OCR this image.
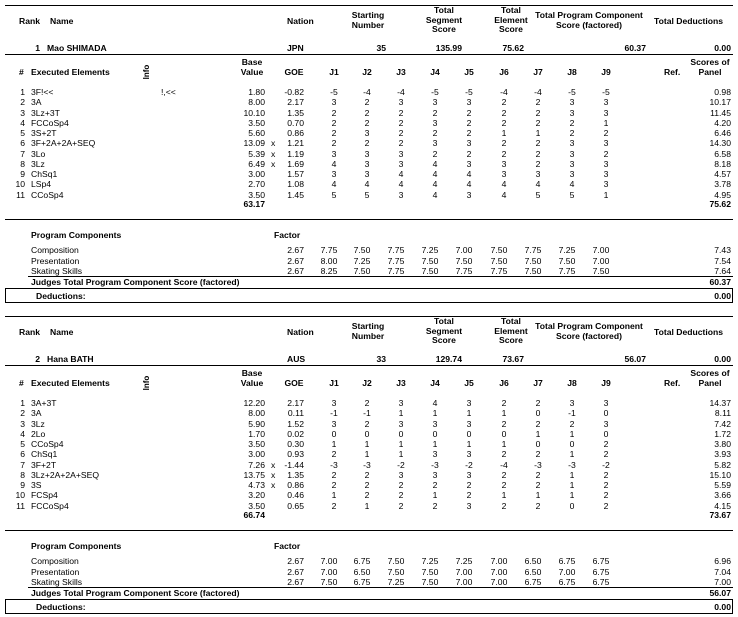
Rank Name	Nation
Starting
Number
Total
Segment
Score
Total
Element
Score
Total Program Component
Score (factored)	Total Deductions
1 Mao SHIMADA	JPN	35	135.99	75.62	60.37	0.00
# Executed Elements	Info
Base
Value	GOE	J1	J2	J3	J4	J5	J6	J7	J8	J9	Ref.
Scores of
Panel
1 3F!<<	!,<<	1.80	-0.82	-5	-4	-4	-5	-5	-4	-4	-5	-5	0.98
2 3A	8.00	2.17	3	2	3	3	3	2	2	3	3	10.17
3 3Lz+3T	10.10	1.35	2	2	2	2	2	2	2	3	3	11.45
4 FCCoSp4	3.50	0.70	2	2	2	3	2	2	2	2	1	4.20
5 3S+2T	5.60	0.86	2	3	2	2	2	1	1	2	2	6.46
6 3F+2A+2A+SEQ	13.09 x	1.21	2	2	2	3	3	2	2	3	3	14.30
7 3Lo	5.39 x	1.19	3	3	3	2	2	2	2	3	2	6.58
8 3Lz	6.49 x	1.69	4	3	3	4	3	3	2	3	3	8.18
9 ChSq1	3.00	1.57	3	3	4	4	4	3	3	3	3	4.57
10 LSp4	2.70	1.08	4	4	4	4	4	4	4	4	3	3.78
11 CCoSp4	3.50	1.45	5	5	3	4	3	4	5	5	1	4.95
63.17	75.62
Program Components	Factor
Composition	2.67	7.75	7.50	7.75	7.25	7.00	7.50	7.75	7.25	7.00	7.43
Presentation	2.67	8.00	7.25	7.75	7.50	7.50	7.50	7.50	7.50	7.00	7.54
Skating Skills	2.67	8.25	7.50	7.75	7.50	7.75	7.75	7.50	7.75	7.50	7.64
Judges Total Program Component Score (factored)	60.37
Deductions:	0.00
Rank Name	Nation
Starting
Number
Total
Segment
Score
Total
Element
Score
Total Program Component
Score (factored)	Total Deductions
2 Hana BATH	AUS	33	129.74	73.67	56.07	0.00
# Executed Elements	Info
Base
Value	GOE	J1	J2	J3	J4	J5	J6	J7	J8	J9	Ref.
Scores of
Panel
1 3A+3T	12.20	2.17	3	2	3	4	3	2	2	3	3	14.37
2 3A	8.00	0.11	-1	-1	1	1	1	1	0	-1	0	8.11
3 3Lz	5.90	1.52	3	2	3	3	3	2	2	2	3	7.42
4 2Lo	1.70	0.02	0	0	0	0	0	0	1	1	0	1.72
5 CCoSp4	3.50	0.30	1	1	1	1	1	1	0	0	2	3.80
6 ChSq1	3.00	0.93	2	1	1	3	3	2	2	1	2	3.93
7 3F+2T	7.26 x	-1.44	-3	-3	-2	-3	-2	-4	-3	-3	-2	5.82
8 3Lz+2A+2A+SEQ	13.75 x	1.35	2	2	3	3	3	2	2	1	2	15.10
9 3S	4.73 x	0.86	2	2	2	2	2	2	2	1	2	5.59
10 FCSp4	3.20	0.46	1	2	2	1	2	1	1	1	2	3.66
11 FCCoSp4	3.50	0.65	2	1	2	2	3	2	2	0	2	4.15
66.74	73.67
Program Components	Factor
Composition	2.67	7.00	6.75	7.50	7.25	7.25	7.00	6.50	6.75	6.75	6.96
Presentation	2.67	7.00	6.50	7.50	7.50	7.00	7.00	6.50	7.00	6.75	7.04
Skating Skills	2.67	7.50	6.75	7.25	7.50	7.00	7.00	6.75	6.75	6.75	7.00
Judges Total Program Component Score (factored)	56.07
Deductions:	0.00
